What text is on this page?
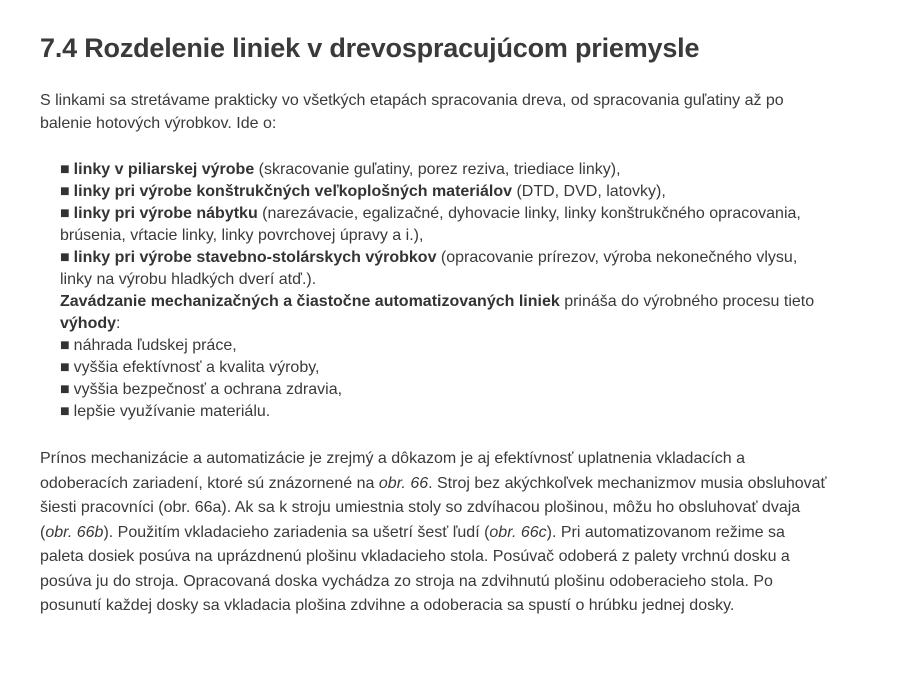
7.4 Rozdelenie liniek v drevospracujúcom priemysle

S linkami sa stretávame prakticky vo všetkých etapách spracovania dreva, od spracovania guľatiny až po balenie hotových výrobkov. Ide o:

■ linky v piliarskej výrobe (skracovanie guľatiny, porez reziva, triediace linky),
■ linky pri výrobe konštrukčných veľkoplošných materiálov (DTD, DVD, latovky),
■ linky pri výrobe nábytku (narezávacie, egalizačné, dyhovacie linky, linky konštrukčného opracovania, brúsenia, vŕtacie linky, linky povrchovej úpravy a i.),
■ linky pri výrobe stavebno-stolárskych výrobkov (opracovanie prírezov, výroba nekonečného vlysu, linky na výrobu hladkých dverí atď.).
Zavádzanie mechanizačných a čiastočne automatizovaných liniek prináša do výrobného procesu tieto výhody:
■ náhrada ľudskej práce,
■ vyššia efektívnosť a kvalita výroby,
■ vyššia bezpečnosť a ochrana zdravia,
■ lepšie využívanie materiálu.

Prínos mechanizácie a automatizácie je zrejmý a dôkazom je aj efektívnosť uplatnenia vkladacích a odoberacích zariadení, ktoré sú znázornené na obr. 66. Stroj bez akýchkoľvek mechanizmov musia obsluhovať šiesti pracovníci (obr. 66a). Ak sa k stroju umiestnia stoly so zdvíhacou plošinou, môžu ho obsluhovať dvaja (obr. 66b). Použitím vkladacieho zariadenia sa ušetrí šesť ľudí (obr. 66c). Pri automatizovanom režime sa paleta dosiek posúva na uprázdnenú plošinu vkladacieho stola. Posúvač odoberá z palety vrchnú dosku a posúva ju do stroja. Opracovaná doska vychádza zo stroja na zdvihnutú plošinu odoberacieho stola. Po posunutí každej dosky sa vkladacia plošina zdvihne a odoberacia sa spustí o hrúbku jednej dosky.
